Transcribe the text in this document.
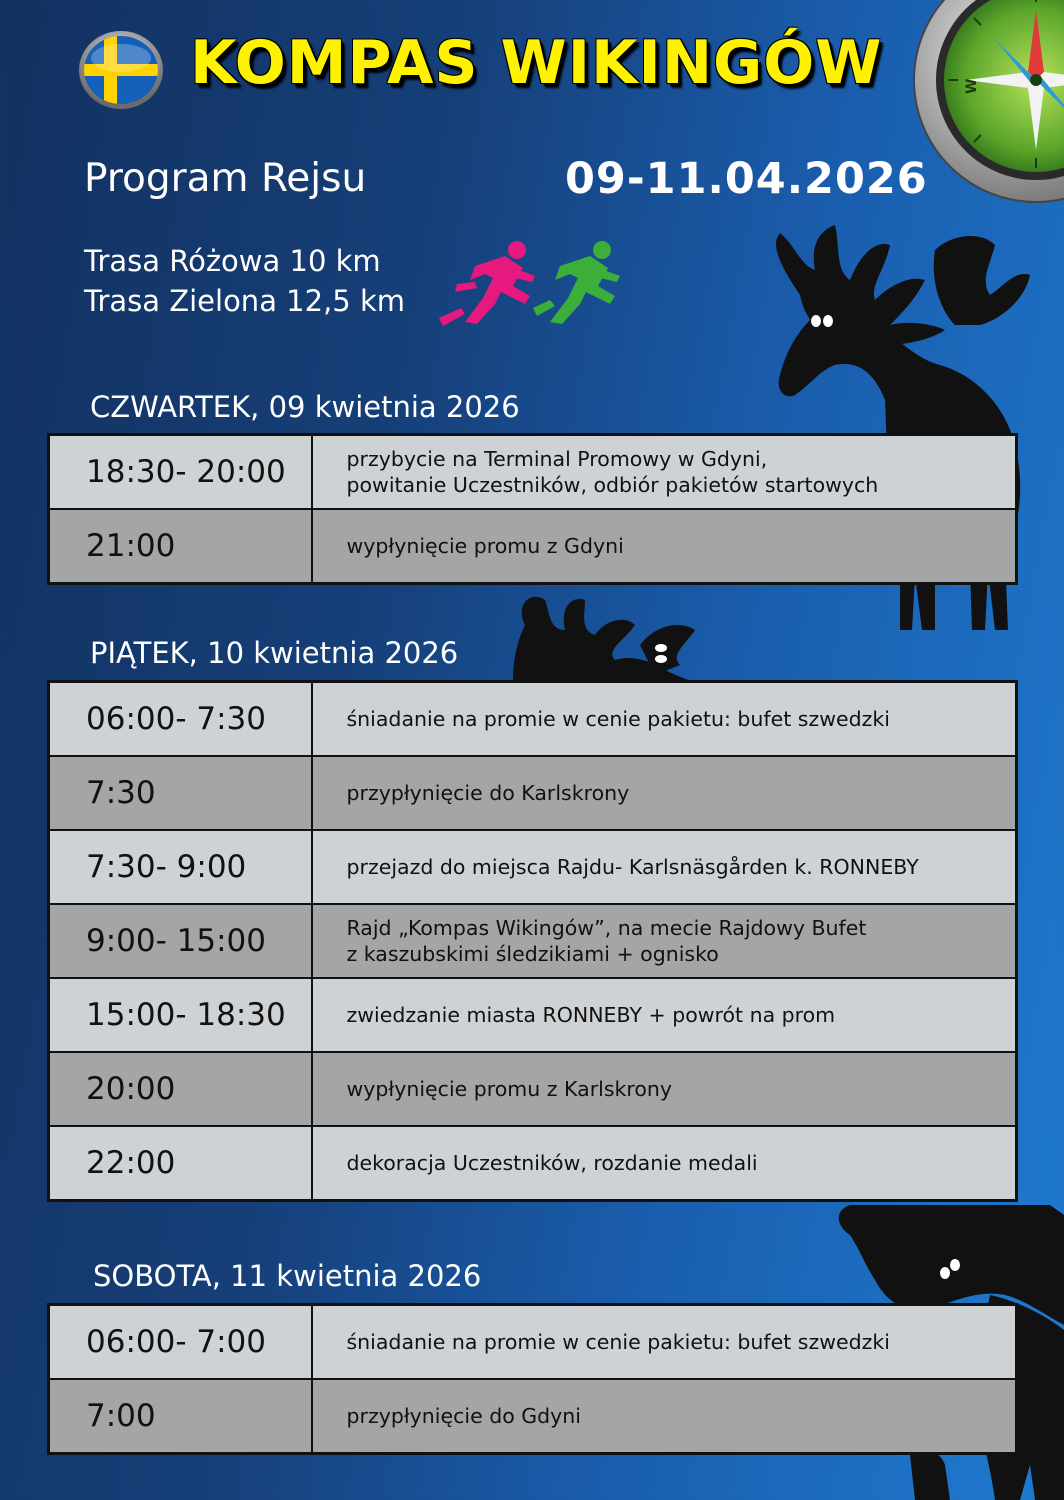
KOMPAS WIKINGÓW	W
Program Rejsu	09-11.04.2026
Trasa Różowa 10 km
Trasa Zielona 12,5 km
CZWARTEK, 09 kwietnia 2026
18:30- 20:00	przybycie na Terminal Promowy w Gdyni,
powitanie Uczestników, odbiór pakietów startowych

21:00	wypłynięcie promu z Gdyni
PIĄTEK, 10 kwietnia 2026
06:00- 7:30	śniadanie na promie w cenie pakietu: bufet szwedzki

7:30	przypłynięcie do Karlskrony

7:30- 9:00	przejazd do miejsca Rajdu- Karlsnäsgården k. RONNEBY

9:00- 15:00	Rajd „Kompas Wikingów”, na mecie Rajdowy Bufet
z kaszubskimi śledzikiami + ognisko

15:00- 18:30	zwiedzanie miasta RONNEBY + powrót na prom

20:00	wypłynięcie promu z Karlskrony

22:00	dekoracja Uczestników, rozdanie medali
SOBOTA, 11 kwietnia 2026
06:00- 7:00	śniadanie na promie w cenie pakietu: bufet szwedzki

7:00	przypłynięcie do Gdyni
